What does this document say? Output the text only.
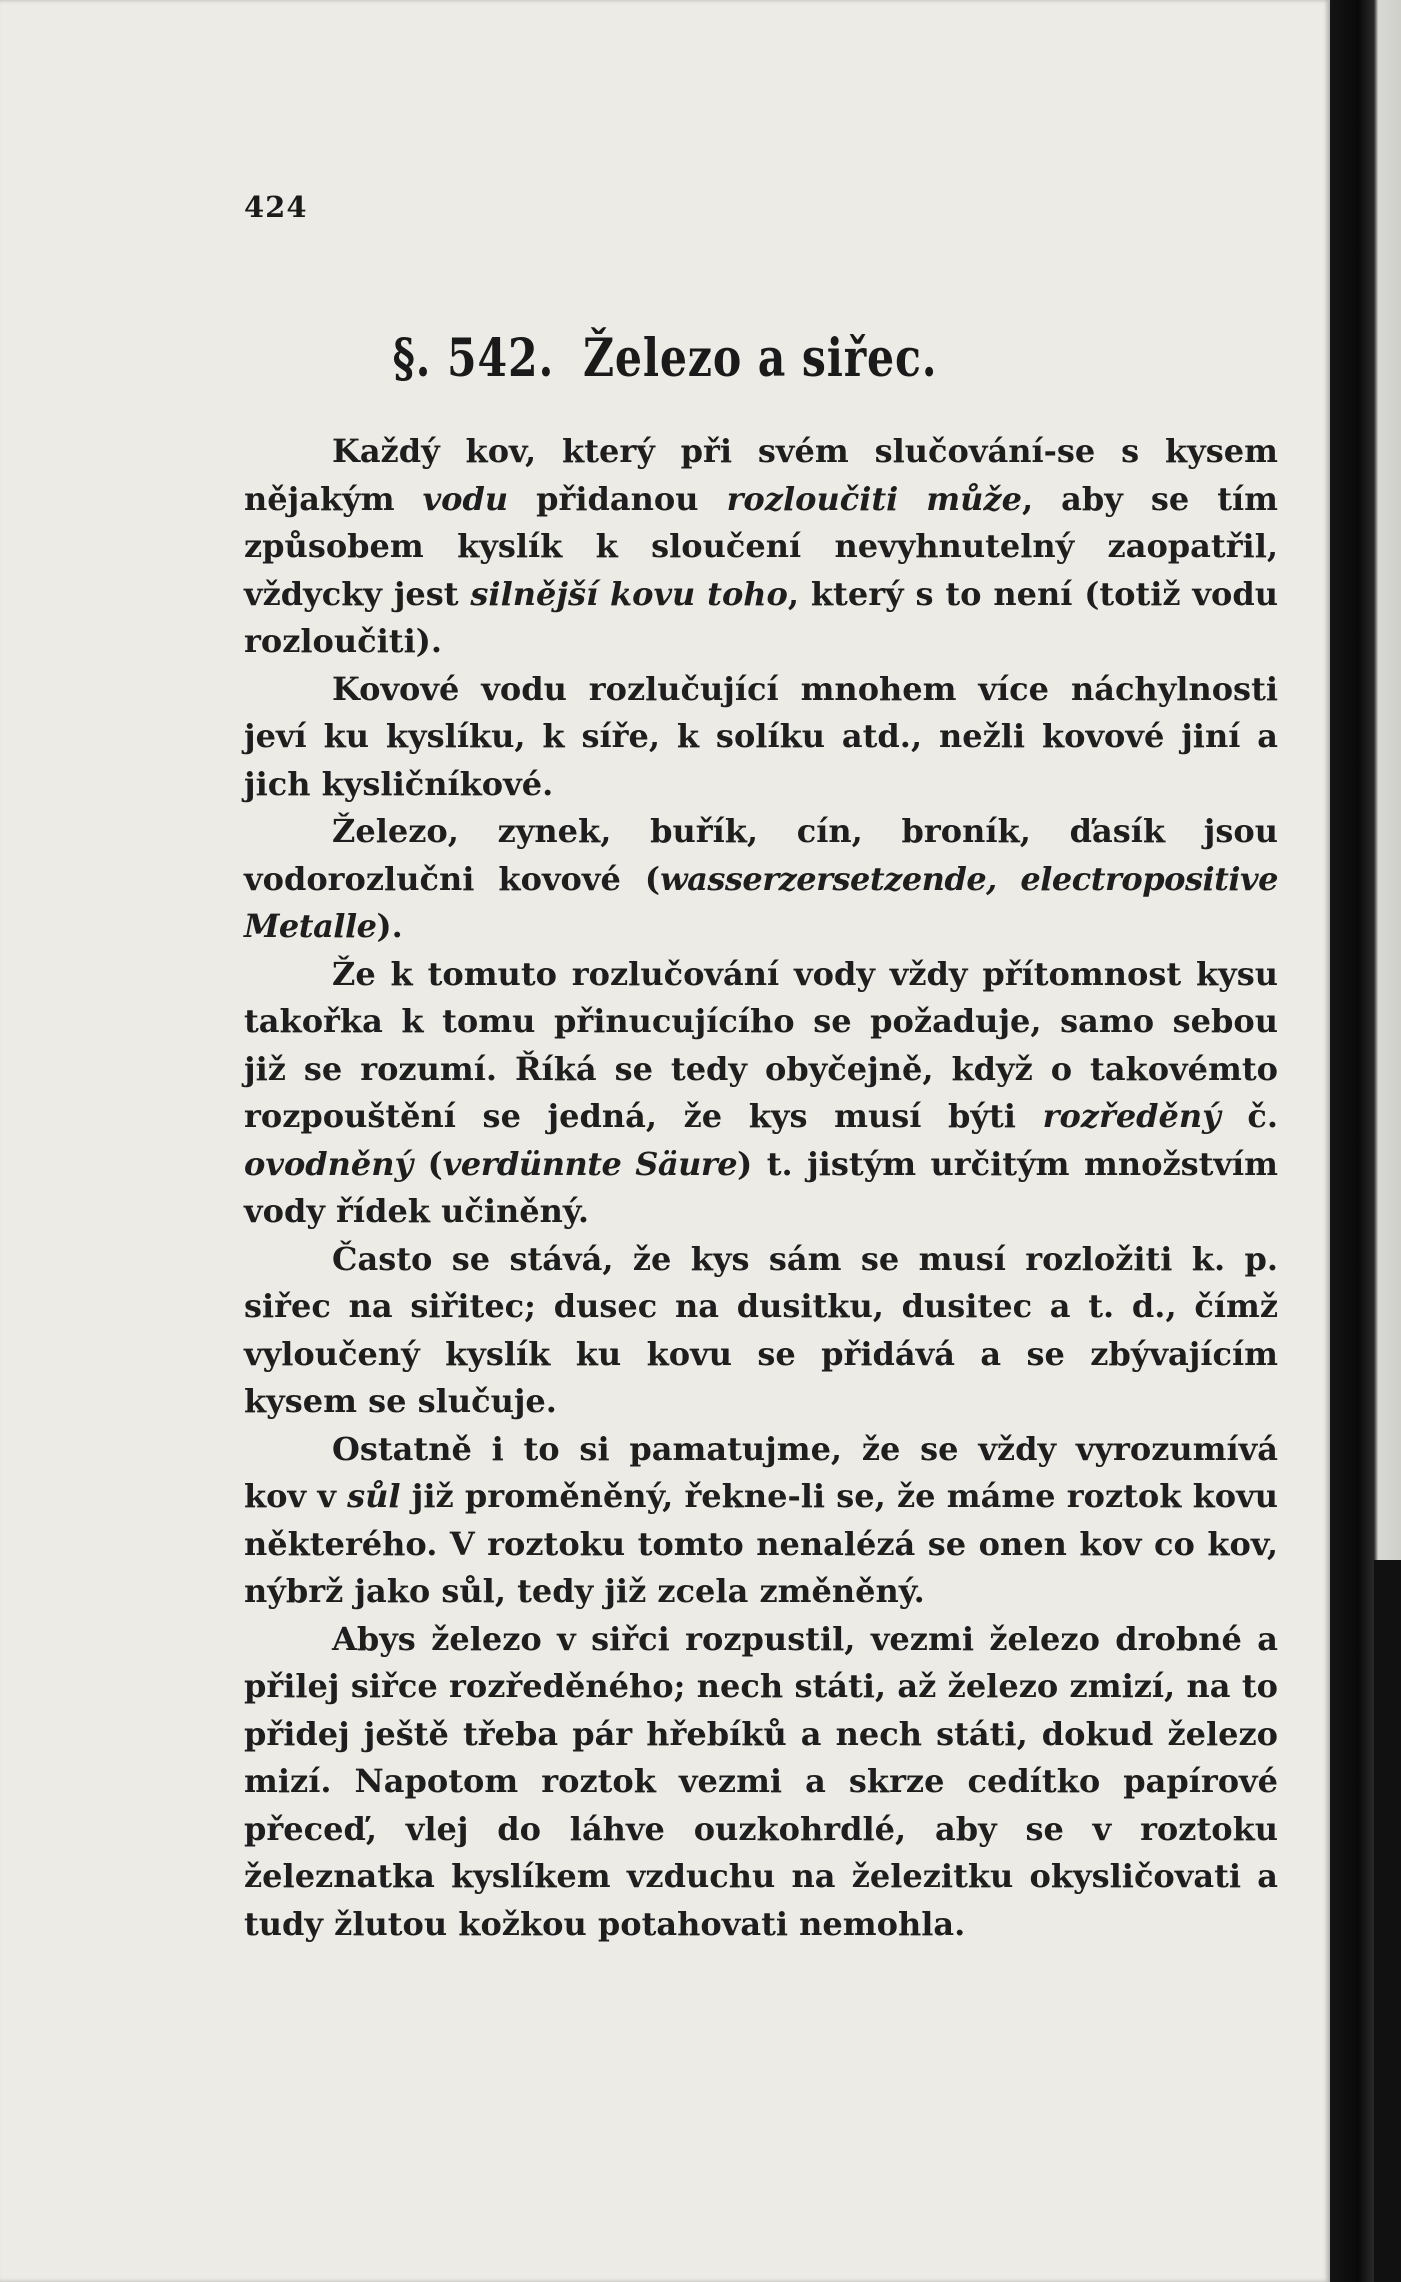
424
§. 542. Železo a siřec.

Každý kov, který při svém slučování-se s kysem nějakým vodu přidanou rozloučiti může, aby se tím způsobem kyslík k sloučení nevyhnutelný zaopatřil, vždycky jest silnější kovu toho, který s to není (totiž vodu rozloučiti).

Kovové vodu rozlučující mnohem více náchylnosti jeví ku kyslíku, k síře, k solíku atd., nežli kovové jiní a jich kysličníkové.

Železo, zynek, buřík, cín, broník, ďasík jsou vodorozlučni kovové (wasserzersetzende, electropositive Metalle).

Že k tomuto rozlučování vody vždy přítomnost kysu takořka k tomu přinucujícího se požaduje, samo sebou již se rozumí. Říká se tedy obyčejně, když o takovémto rozpouštění se jedná, že kys musí býti rozředěný č. ovodněný (verdünnte Säure) t. jistým určitým množstvím vody řídek učiněný.

Často se stává, že kys sám se musí rozložiti k. p. siřec na siřitec; dusec na dusitku, dusitec a t. d., čímž vyloučený kyslík ku kovu se přidává a se zbývajícím kysem se slučuje.

Ostatně i to si pamatujme, že se vždy vyrozumívá kov v sůl již proměněný, řekne-li se, že máme roztok kovu některého. V roztoku tomto nenalézá se onen kov co kov, nýbrž jako sůl, tedy již zcela změněný.

Abys železo v siřci rozpustil, vezmi železo drobné a přilej siřce rozředěného; nech státi, až železo zmizí, na to přidej ještě třeba pár hřebíků a nech státi, dokud železo mizí. Napotom roztok vezmi a skrze cedítko papírové přeceď, vlej do láhve ouzkohrdlé, aby se v roztoku železnatka kyslíkem vzduchu na železitku okysličovati a tudy žlutou kožkou potahovati nemohla.
